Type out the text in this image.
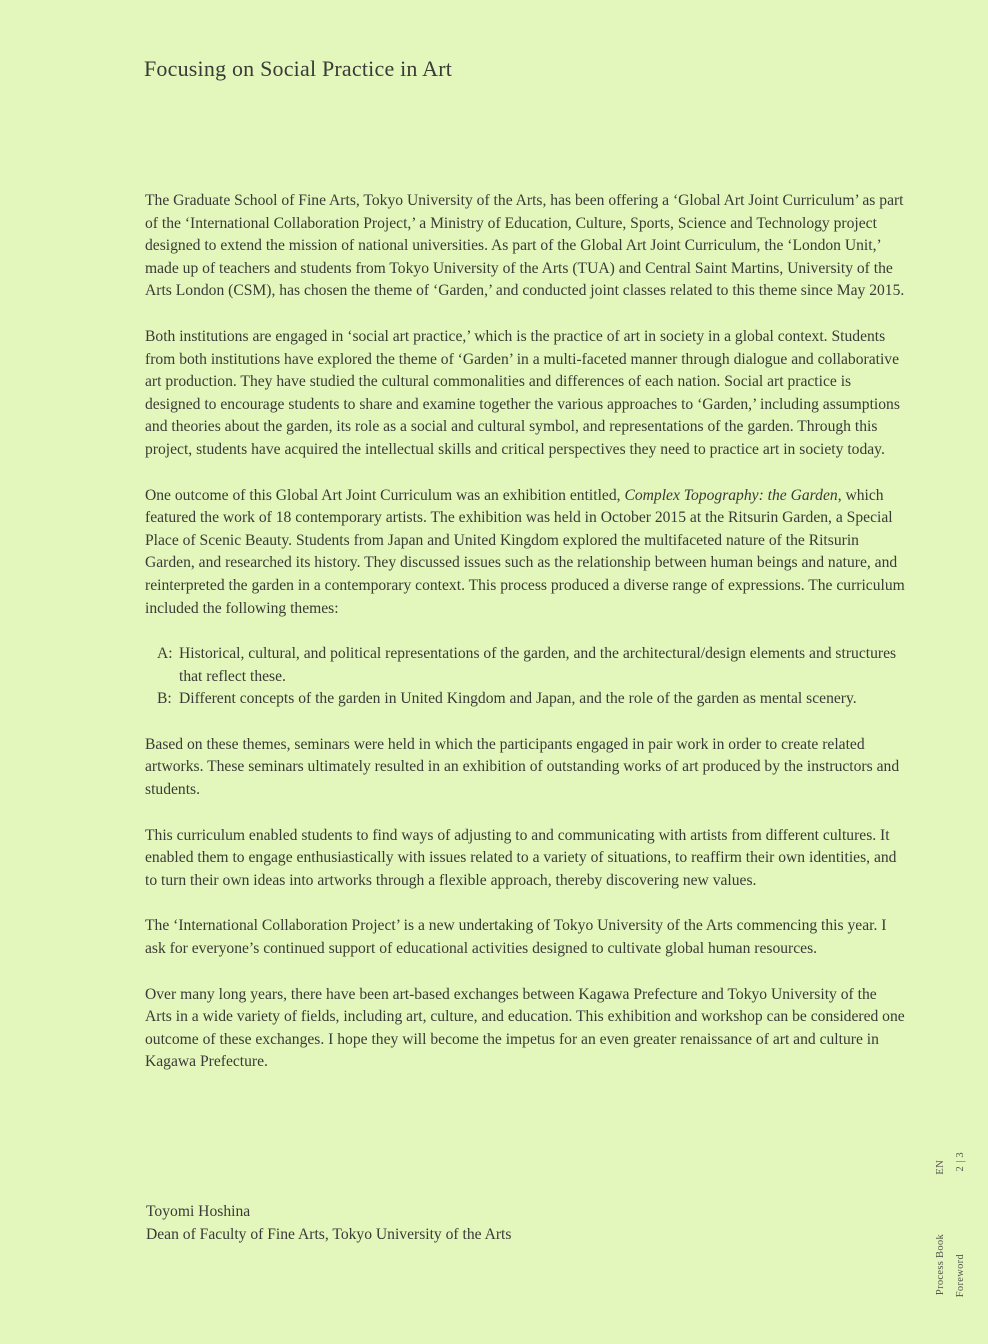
Focusing on Social Practice in Art

The Graduate School of Fine Arts, Tokyo University of the Arts, has been offering a ‘Global Art Joint Curriculum’ as part of the ‘International Collaboration Project,’ a Ministry of Education, Culture, Sports, Science and Technology project designed to extend the mission of national universities. As part of the Global Art Joint Curriculum, the ‘London Unit,’ made up of teachers and students from Tokyo University of the Arts (TUA) and Central Saint Martins, University of the Arts London (CSM), has chosen the theme of ‘Garden,’ and conducted joint classes related to this theme since May 2015.

Both institutions are engaged in ‘social art practice,’ which is the practice of art in society in a global context. Students from both institutions have explored the theme of ‘Garden’ in a multi-faceted manner through dialogue and collaborative art production. They have studied the cultural commonalities and differences of each nation. Social art practice is designed to encourage students to share and examine together the various approaches to ‘Garden,’ including assumptions and theories about the garden, its role as a social and cultural symbol, and representations of the garden. Through this project, students have acquired the intellectual skills and critical perspectives they need to practice art in society today.

One outcome of this Global Art Joint Curriculum was an exhibition entitled, Complex Topography: the Garden, which featured the work of 18 contemporary artists. The exhibition was held in October 2015 at the Ritsurin Garden, a Special Place of Scenic Beauty. Students from Japan and United Kingdom explored the multifaceted nature of the Ritsurin Garden, and researched its history. They discussed issues such as the relationship between human beings and nature, and reinterpreted the garden in a contemporary context. This process produced a diverse range of expressions. The curriculum included the following themes:

A: Historical, cultural, and political representations of the garden, and the architectural/design elements and structures that reflect these.
B: Different concepts of the garden in United Kingdom and Japan, and the role of the garden as mental scenery.

Based on these themes, seminars were held in which the participants engaged in pair work in order to create related artworks. These seminars ultimately resulted in an exhibition of outstanding works of art produced by the instructors and students.

This curriculum enabled students to find ways of adjusting to and communicating with artists from different cultures. It enabled them to engage enthusiastically with issues related to a variety of situations, to reaffirm their own identities, and to turn their own ideas into artworks through a flexible approach, thereby discovering new values.

The ‘International Collaboration Project’ is a new undertaking of Tokyo University of the Arts commencing this year. I ask for everyone’s continued support of educational activities designed to cultivate global human resources.

Over many long years, there have been art-based exchanges between Kagawa Prefecture and Tokyo University of the Arts in a wide variety of fields, including art, culture, and education. This exhibition and workshop can be considered one outcome of these exchanges. I hope they will become the impetus for an even greater renaissance of art and culture in Kagawa Prefecture.

Toyomi Hoshina
Dean of Faculty of Fine Arts, Tokyo University of the Arts
EN 2|3
Process Book Foreword
